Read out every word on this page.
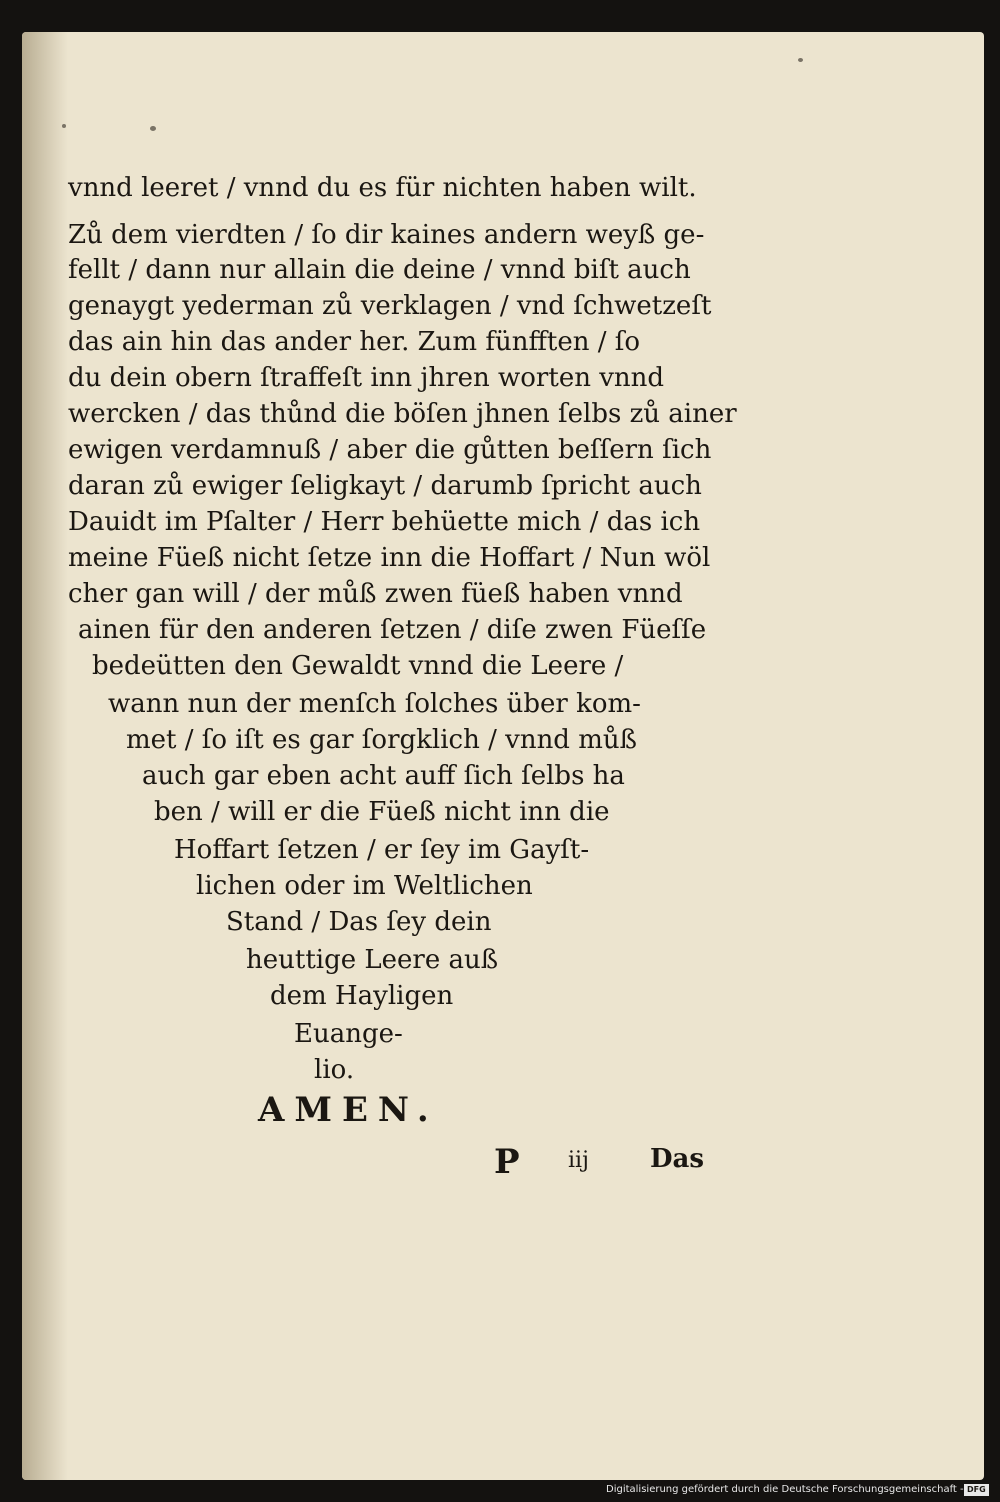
vnnd leeret / vnnd du es für nichten haben wilt.
Zů dem vierdten / ſo dir kaines andern weyß ge-
fellt / dann nur allain die deine / vnnd biſt auch
genaygt yederman zů verklagen / vnd ſchwetzeſt
das ain hin das ander her. Zum fünfften / ſo
du dein obern ſtraffeſt inn jhren worten vnnd
wercken / das thůnd die böſen jhnen ſelbs zů ainer
ewigen verdamnuß / aber die gůtten beſſern ſich
daran zů ewiger ſeligkayt / darumb ſpricht auch
Dauidt im Pſalter / Herr behüette mich / das ich
meine Füeß nicht ſetze inn die Hoffart / Nun wöl
cher gan will / der můß zwen füeß haben vnnd
ainen für den anderen ſetzen / diſe zwen Füeſſe
bedeütten den Gewaldt vnnd die Leere /
wann nun der menſch ſolches über kom-
met / ſo iſt es gar ſorgklich / vnnd můß
auch gar eben acht auff ſich ſelbs ha
ben / will er die Füeß nicht inn die
Hoffart ſetzen / er ſey im Gayſt-
lichen oder im Weltlichen
Stand / Das ſey dein
heuttige Leere auß
dem Hayligen
Euange-
lio.
AMEN.
P iij Das
Digitalisierung gefördert durch die Deutsche Forschungsgemeinschaft - DFG
